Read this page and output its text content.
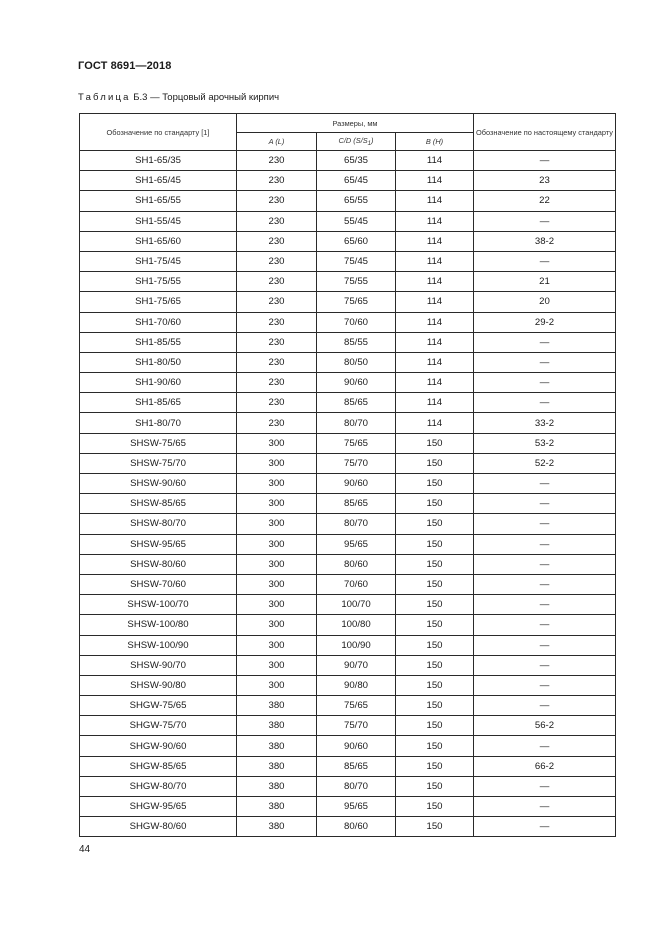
ГОСТ 8691—2018
Таблица Б.3 — Торцовый арочный кирпич
Обозначение по стандарту [1]	Размеры, мм			Обозначение по настоящему стандарту
	A (L)	C/D $(S/S_1)$	B (H)	
SH1-65/35	230	65/35	114	—
SH1-65/45	230	65/45	114	23
SH1-65/55	230	65/55	114	22
SH1-55/45	230	55/45	114	—
SH1-65/60	230	65/60	114	38-2
SH1-75/45	230	75/45	114	—
SH1-75/55	230	75/55	114	21
SH1-75/65	230	75/65	114	20
SH1-70/60	230	70/60	114	29-2
SH1-85/55	230	85/55	114	—
SH1-80/50	230	80/50	114	—
SH1-90/60	230	90/60	114	—
SH1-85/65	230	85/65	114	—
SH1-80/70	230	80/70	114	33-2
SHSW-75/65	300	75/65	150	53-2
SHSW-75/70	300	75/70	150	52-2
SHSW-90/60	300	90/60	150	—
SHSW-85/65	300	85/65	150	—
SHSW-80/70	300	80/70	150	—
SHSW-95/65	300	95/65	150	—
SHSW-80/60	300	80/60	150	—
SHSW-70/60	300	70/60	150	—
SHSW-100/70	300	100/70	150	—
SHSW-100/80	300	100/80	150	—
SHSW-100/90	300	100/90	150	—
SHSW-90/70	300	90/70	150	—
SHSW-90/80	300	90/80	150	—
SHGW-75/65	380	75/65	150	—
SHGW-75/70	380	75/70	150	56-2
SHGW-90/60	380	90/60	150	—
SHGW-85/65	380	85/65	150	66-2
SHGW-80/70	380	80/70	150	—
SHGW-95/65	380	95/65	150	—
SHGW-80/60	380	80/60	150	—
44
